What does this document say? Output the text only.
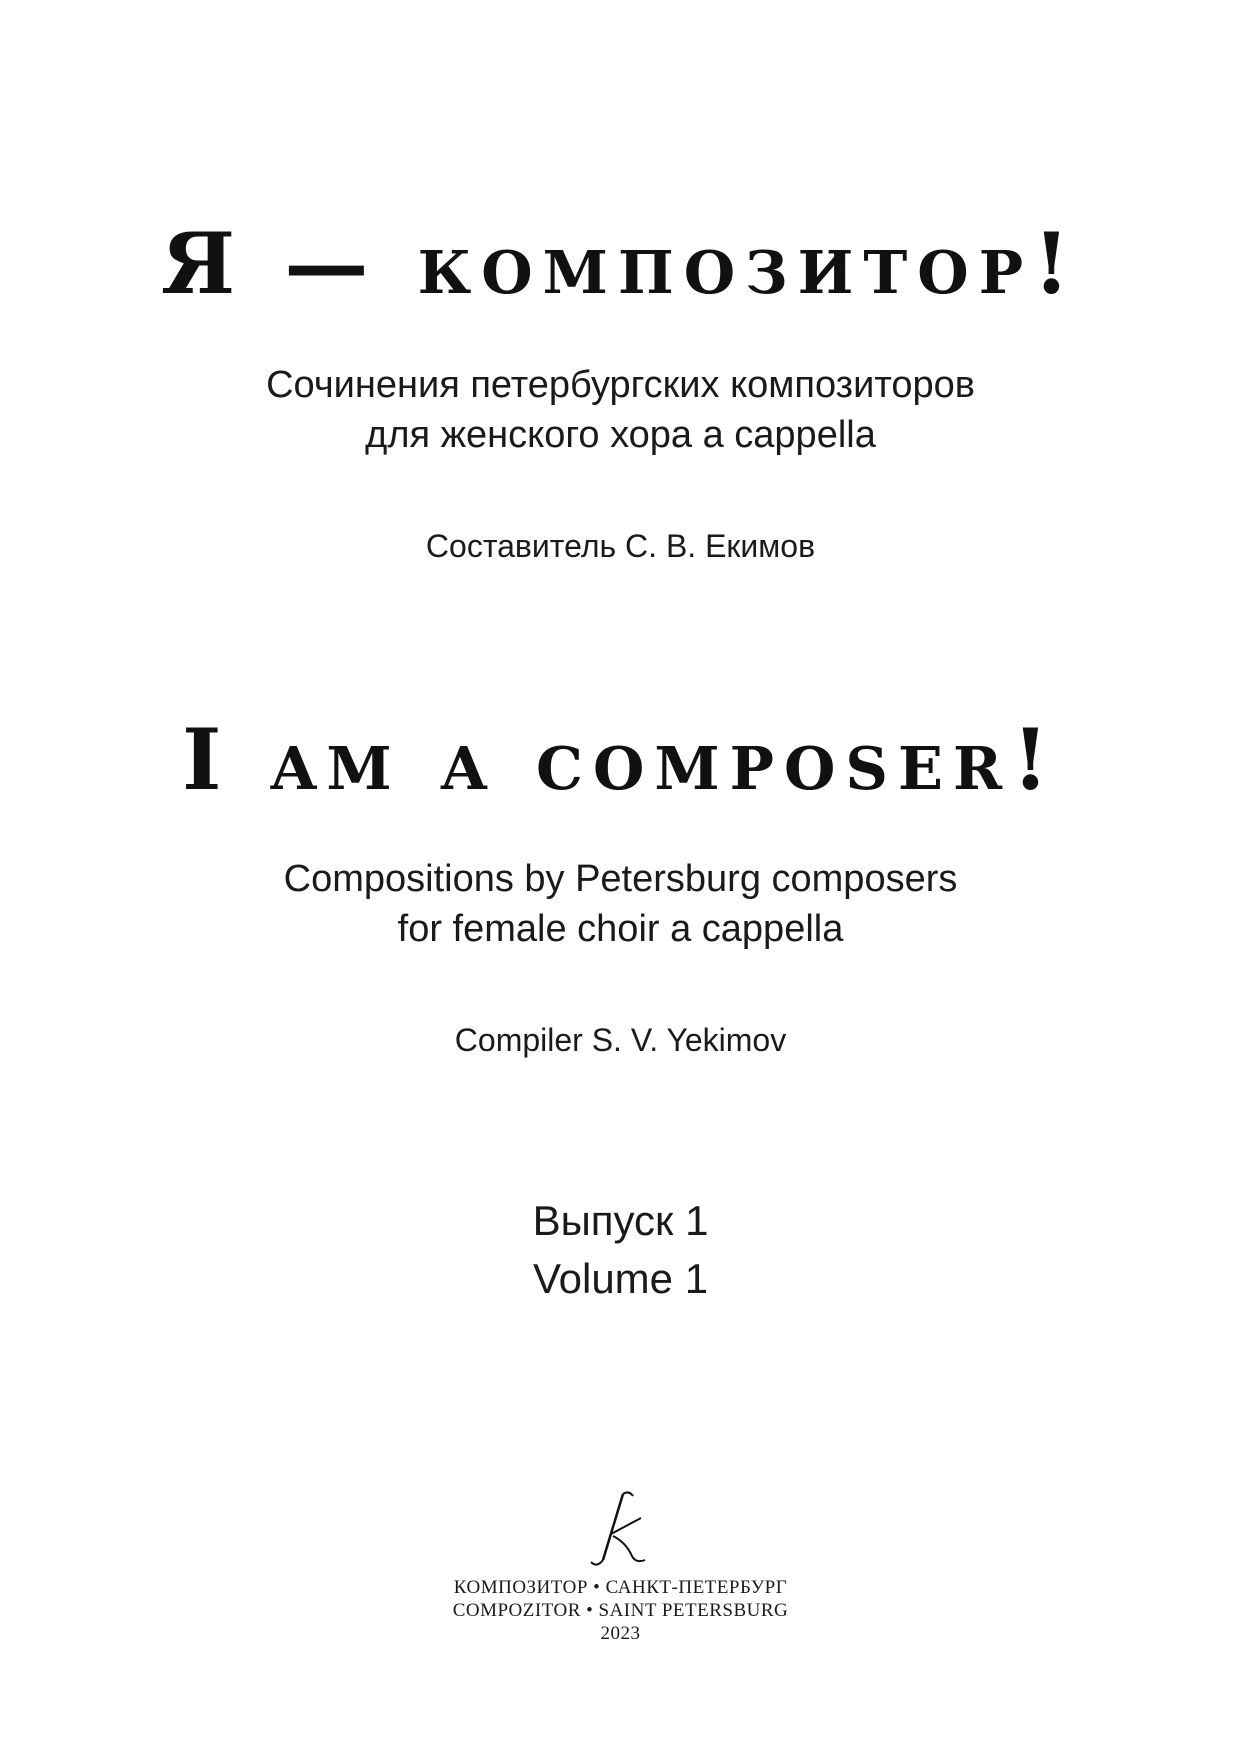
Я — композитор!
Сочинения петербургских композиторов
для женского хора a cappella
Составитель С. В. Екимов
I am a composer!
Compositions by Petersburg composers
for female choir a cappella
Compiler S. V. Yekimov
Выпуск 1
Volume 1
КОМПОЗИТОР • САНКТ-ПЕТЕРБУРГ
COMPOZITOR • SAINT PETERSBURG
2023
